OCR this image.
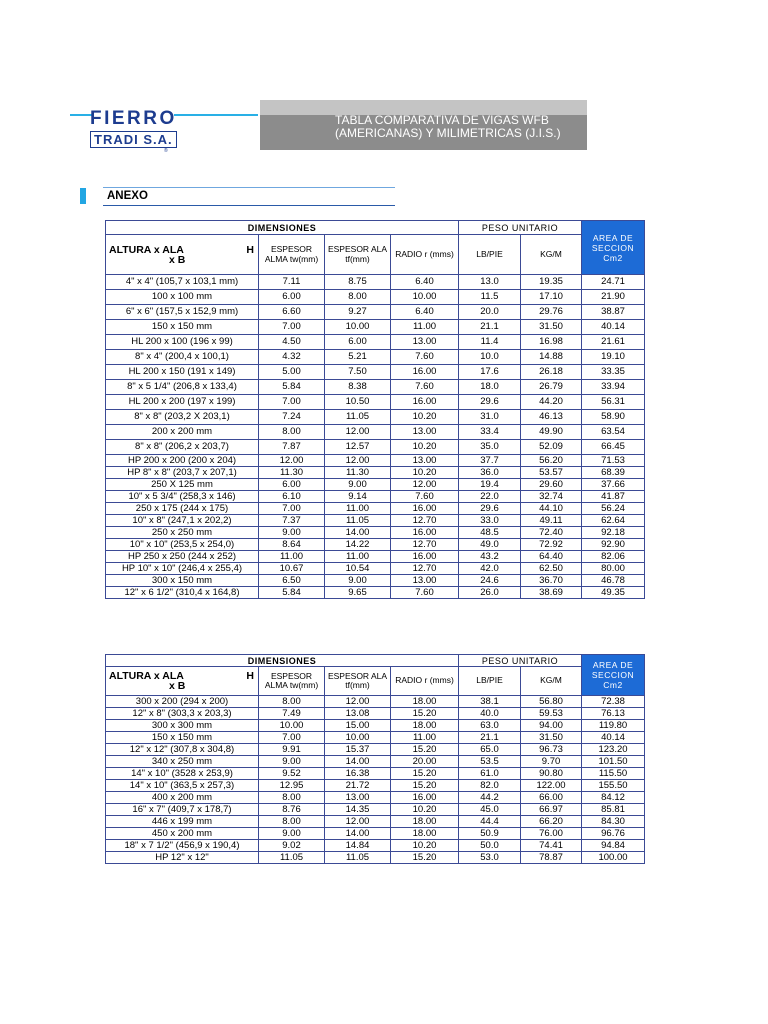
FIERRO
TRADI S.A.
®
TABLA COMPARATIVA DE VIGAS WFB
(AMERICANAS) Y MILIMETRICAS (J.I.S.)
ANEXO
DIMENSIONES				PESO UNITARIO		AREA DE SECCION Cm2
ALTURA x ALA H
x B	ESPESOR ALMA tw(mm)	ESPESOR ALA tf(mm)	RADIO r (mms)	LB/PIE	KG/M	
4" x 4" (105,7 x 103,1 mm)	7.11	8.75	6.40	13.0	19.35	24.71
100 x 100 mm	6.00	8.00	10.00	11.5	17.10	21.90
6" x 6" (157,5 x 152,9 mm)	6.60	9.27	6.40	20.0	29.76	38.87
150 x 150 mm	7.00	10.00	11.00	21.1	31.50	40.14
HL 200 x 100 (196 x 99)	4.50	6.00	13.00	11.4	16.98	21.61
8" x 4" (200,4 x 100,1)	4.32	5.21	7.60	10.0	14.88	19.10
HL 200 x 150 (191 x 149)	5.00	7.50	16.00	17.6	26.18	33.35
8" x 5 1/4" (206,8 x 133,4)	5.84	8.38	7.60	18.0	26.79	33.94
HL 200 x 200 (197 x 199)	7.00	10.50	16.00	29.6	44.20	56.31
8" x 8" (203,2 X 203,1)	7.24	11.05	10.20	31.0	46.13	58.90
200 x 200 mm	8.00	12.00	13.00	33.4	49.90	63.54
8" x 8" (206,2 x 203,7)	7.87	12.57	10.20	35.0	52.09	66.45
HP 200 x 200 (200 x 204)	12.00	12.00	13.00	37.7	56.20	71.53
HP 8" x 8" (203,7 x 207,1)	11.30	11.30	10.20	36.0	53.57	68.39
250 X 125 mm	6.00	9.00	12.00	19.4	29.60	37.66
10" x 5 3/4" (258,3 x 146)	6.10	9.14	7.60	22.0	32.74	41.87
250 x 175 (244 x 175)	7.00	11.00	16.00	29.6	44.10	56.24
10" x 8" (247,1 x 202,2)	7.37	11.05	12.70	33.0	49.11	62.64
250 x 250 mm	9.00	14.00	16.00	48.5	72.40	92.18
10" x 10" (253,5 x 254,0)	8.64	14.22	12.70	49.0	72.92	92.90
HP 250 x 250 (244 x 252)	11.00	11.00	16.00	43.2	64.40	82.06
HP 10" x 10" (246,4 x 255,4)	10.67	10.54	12.70	42.0	62.50	80.00
300 x 150 mm	6.50	9.00	13.00	24.6	36.70	46.78
12" x 6 1/2" (310,4 x 164,8)	5.84	9.65	7.60	26.0	38.69	49.35
DIMENSIONES				PESO UNITARIO		AREA DE SECCION Cm2
ALTURA x ALA H
x B	ESPESOR ALMA tw(mm)	ESPESOR ALA tf(mm)	RADIO r (mms)	LB/PIE	KG/M	
300 x 200 (294 x 200)	8.00	12.00	18.00	38.1	56.80	72.38
12" x 8" (303,3 x 203,3)	7.49	13.08	15.20	40.0	59.53	76.13
300 x 300 mm	10.00	15.00	18.00	63.0	94.00	119.80
150 x 150 mm	7.00	10.00	11.00	21.1	31.50	40.14
12" x 12" (307,8 x 304,8)	9.91	15.37	15.20	65.0	96.73	123.20
340 x 250 mm	9.00	14.00	20.00	53.5	9.70	101.50
14" x 10" (3528 x 253,9)	9.52	16.38	15.20	61.0	90.80	115.50
14" x 10" (363,5 x 257,3)	12.95	21.72	15.20	82.0	122.00	155.50
400 x 200 mm	8.00	13.00	16.00	44.2	66.00	84.12
16" x 7" (409,7 x 178,7)	8.76	14.35	10.20	45.0	66.97	85.81
446 x 199 mm	8.00	12.00	18.00	44.4	66.20	84.30
450 x 200 mm	9.00	14.00	18.00	50.9	76.00	96.76
18" x 7 1/2" (456,9 x 190,4)	9.02	14.84	10.20	50.0	74.41	94.84
HP 12" x 12"	11.05	11.05	15.20	53.0	78.87	100.00
